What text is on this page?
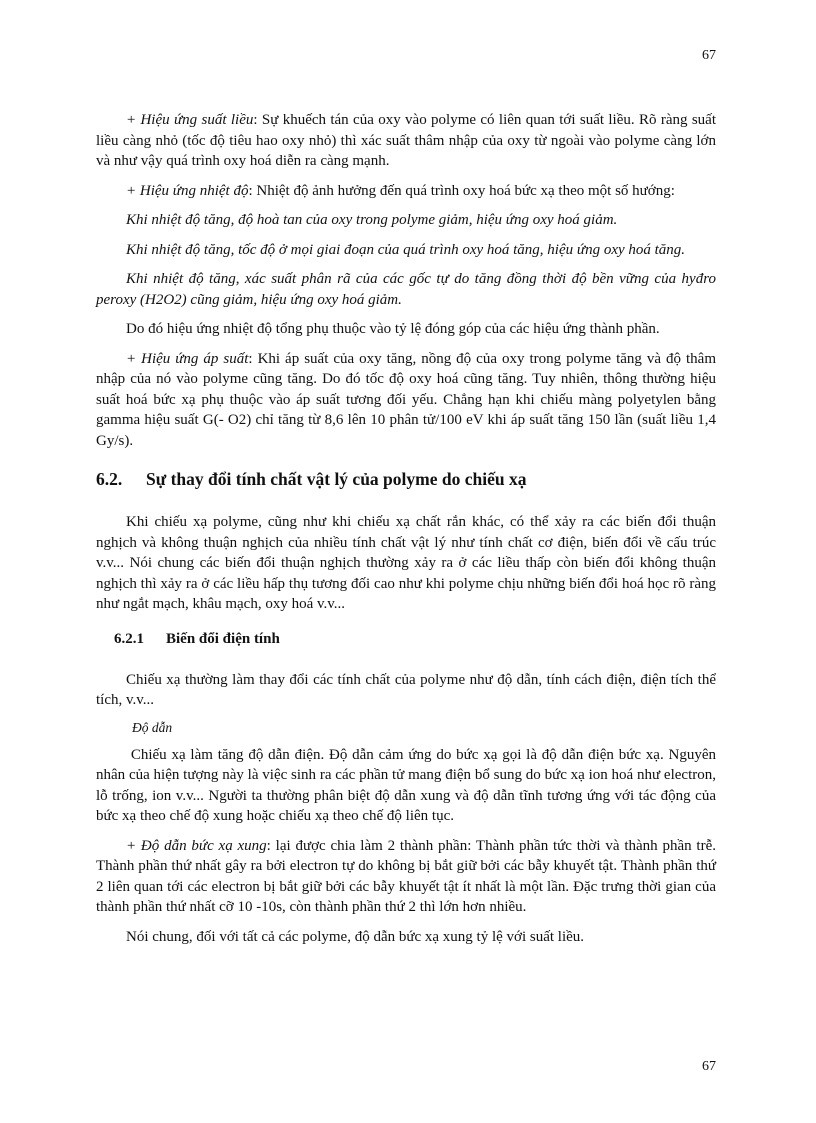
67

+ Hiệu ứng suất liều: Sự khuếch tán của oxy vào polyme có liên quan tới suất liều. Rõ ràng suất liều càng nhỏ (tốc độ tiêu hao oxy nhỏ) thì xác suất thâm nhập của oxy từ ngoài vào polyme càng lớn và như vậy quá trình oxy hoá diễn ra càng mạnh.

+ Hiệu ứng nhiệt độ: Nhiệt độ ảnh hưởng đến quá trình oxy hoá bức xạ theo một số hướng:

Khi nhiệt độ tăng, độ hoà tan của oxy trong polyme giảm, hiệu ứng oxy hoá giảm.

Khi nhiệt độ tăng, tốc độ ở mọi giai đoạn của quá trình oxy hoá tăng, hiệu ứng oxy hoá tăng.

Khi nhiệt độ tăng, xác suất phân rã của các gốc tự do tăng đồng thời độ bền vững của hyđro peroxy (H2O2) cũng giảm, hiệu ứng oxy hoá giảm.

Do đó hiệu ứng nhiệt độ tổng phụ thuộc vào tỷ lệ đóng góp của các hiệu ứng thành phần.

+ Hiệu ứng áp suất: Khi áp suất của oxy tăng, nồng độ của oxy trong polyme tăng và độ thâm nhập của nó vào polyme cũng tăng. Do đó tốc độ oxy hoá cũng tăng. Tuy nhiên, thông thường hiệu suất hoá bức xạ phụ thuộc vào áp suất tương đối yếu. Chẳng hạn khi chiếu màng polyetylen bằng gamma hiệu suất G(- O2) chỉ tăng từ 8,6 lên 10 phân tử/100 eV khi áp suất tăng 150 lần (suất liều 1,4 Gy/s).

6.2.	Sự thay đổi tính chất vật lý của polyme do chiếu xạ

Khi chiếu xạ polyme, cũng như khi chiếu xạ chất rắn khác, có thể xảy ra các biến đổi thuận nghịch và không thuận nghịch của nhiều tính chất vật lý như tính chất cơ điện, biến đổi về cấu trúc v.v... Nói chung các biến đổi thuận nghịch thường xảy ra ở các liều thấp còn biến đổi không thuận nghịch thì xảy ra ở các liều hấp thụ tương đối cao như khi polyme chịu những biến đổi hoá học rõ ràng như ngắt mạch, khâu mạch, oxy hoá v.v...

6.2.1	Biến đổi điện tính

Chiếu xạ thường làm thay đổi các tính chất của polyme như độ dẫn, tính cách điện, điện tích thể tích, v.v...

Độ dẫn

Chiếu xạ làm tăng độ dẫn điện. Độ dẫn cảm ứng do bức xạ gọi là độ dẫn điện bức xạ. Nguyên nhân của hiện tượng này là việc sinh ra các phần tử mang điện bổ sung do bức xạ ion hoá như electron, lỗ trống, ion v.v... Người ta thường phân biệt độ dẫn xung và độ dẫn tĩnh tương ứng với tác động của bức xạ theo chế độ xung hoặc chiếu xạ theo chế độ liên tục.

+ Độ dẫn bức xạ xung: lại được chia làm 2 thành phần: Thành phần tức thời và thành phần trễ. Thành phần thứ nhất gây ra bởi electron tự do không bị bắt giữ bởi các bẫy khuyết tật. Thành phần thứ 2 liên quan tới các electron bị bắt giữ bởi các bẫy khuyết tật ít nhất là một lần. Đặc trưng thời gian của thành phần thứ nhất cỡ 10 -10s, còn thành phần thứ 2 thì lớn hơn nhiều.

Nói chung, đối với tất cả các polyme, độ dẫn bức xạ xung tỷ lệ với suất liều.

67
